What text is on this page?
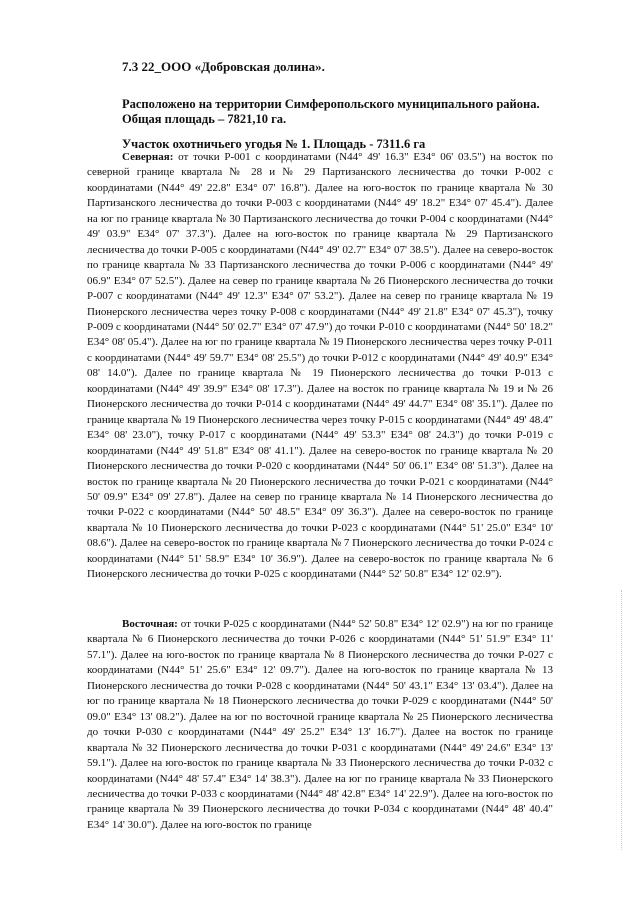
7.3 22_ООО «Добровская долина».

Расположено на территории Симферопольского муниципального района.
Общая площадь – 7821,10 га.

Участок охотничьего угодья № 1. Площадь - 7311.6 га

Северная: от точки Р-001 с координатами (N44° 49' 16.3" E34° 06' 03.5") на восток по северной границе квартала № 28 и № 29 Партизанского лесничества до точки Р-002 с координатами (N44° 49' 22.8" E34° 07' 16.8"). Далее на юго-восток по границе квартала № 30 Партизанского лесничества до точки Р-003 с координатами (N44° 49' 18.2" E34° 07' 45.4"). Далее на юг по границе квартала № 30 Партизанского лесничества до точки Р-004 с координатами (N44° 49' 03.9" E34° 07' 37.3"). Далее на юго-восток по границе квартала № 29 Партизанского лесничества до точки Р-005 с координатами (N44° 49' 02.7" E34° 07' 38.5"). Далее на северо-восток по границе квартала № 33 Партизанского лесничества до точки Р-006 с координатами (N44° 49' 06.9" E34° 07' 52.5"). Далее на север по границе квартала № 26 Пионерского лесничества до точки Р-007 с координатами (N44° 49' 12.3" E34° 07' 53.2"). Далее на север по границе квартала № 19 Пионерского лесничества через точку Р-008 с координатами (N44° 49' 21.8" E34° 07' 45.3"), точку Р-009 с координатами (N44° 50' 02.7" E34° 07' 47.9") до точки Р-010 с координатами (N44° 50' 18.2" E34° 08' 05.4"). Далее на юг по границе квартала № 19 Пионерского лесничества через точку Р-011 с координатами (N44° 49' 59.7" E34° 08' 25.5") до точки Р-012 с координатами (N44° 49' 40.9" E34° 08' 14.0"). Далее по границе квартала № 19 Пионерского лесничества до точки Р-013 с координатами (N44° 49' 39.9" E34° 08' 17.3"). Далее на восток по границе квартала № 19 и № 26 Пионерского лесничества до точки Р-014 с координатами (N44° 49' 44.7" E34° 08' 35.1"). Далее по границе квартала № 19 Пионерского лесничества через точку Р-015 с координатами (N44° 49' 48.4" E34° 08' 23.0"), точку Р-017 с координатами (N44° 49' 53.3" E34° 08' 24.3") до точки Р-019 с координатами (N44° 49' 51.8" E34° 08' 41.1"). Далее на северо-восток по границе квартала № 20 Пионерского лесничества до точки Р-020 с координатами (N44° 50' 06.1" E34° 08' 51.3"). Далее на восток по границе квартала № 20 Пионерского лесничества до точки Р-021 с координатами (N44° 50' 09.9" E34° 09' 27.8"). Далее на север по границе квартала № 14 Пионерского лесничества до точки Р-022 с координатами (N44° 50' 48.5" E34° 09' 36.3"). Далее на северо-восток по границе квартала № 10 Пионерского лесничества до точки Р-023 с координатами (N44° 51' 25.0" E34° 10' 08.6"). Далее на северо-восток по границе квартала № 7 Пионерского лесничества до точки Р-024 с координатами (N44° 51' 58.9" E34° 10' 36.9"). Далее на северо-восток по границе квартала № 6 Пионерского лесничества до точки Р-025 с координатами (N44° 52' 50.8" E34° 12' 02.9").

Восточная: от точки Р-025 с координатами (N44° 52' 50.8" E34° 12' 02.9") на юг по границе квартала № 6 Пионерского лесничества до точки Р-026 с координатами (N44° 51' 51.9" E34° 11' 57.1"). Далее на юго-восток по границе квартала № 8 Пионерского лесничества до точки Р-027 с координатами (N44° 51' 25.6" E34° 12' 09.7"). Далее на юго-восток по границе квартала № 13 Пионерского лесничества до точки Р-028 с координатами (N44° 50' 43.1" E34° 13' 03.4"). Далее на юг по границе квартала № 18 Пионерского лесничества до точки Р-029 с координатами (N44° 50' 09.0" E34° 13' 08.2"). Далее на юг по восточной границе квартала № 25 Пионерского лесничества до точки Р-030 с координатами (N44° 49' 25.2" E34° 13' 16.7"). Далее на восток по границе квартала № 32 Пионерского лесничества до точки Р-031 с координатами (N44° 49' 24.6" E34° 13' 59.1"). Далее на юго-восток по границе квартала № 33 Пионерского лесничества до точки Р-032 с координатами (N44° 48' 57.4" E34° 14' 38.3"). Далее на юг по границе квартала № 33 Пионерского лесничества до точки Р-033 с координатами (N44° 48' 42.8" E34° 14' 22.9"). Далее на юго-восток по границе квартала № 39 Пионерского лесничества до точки Р-034 с координатами (N44° 48' 40.4" E34° 14' 30.0"). Далее на юго-восток по границе
